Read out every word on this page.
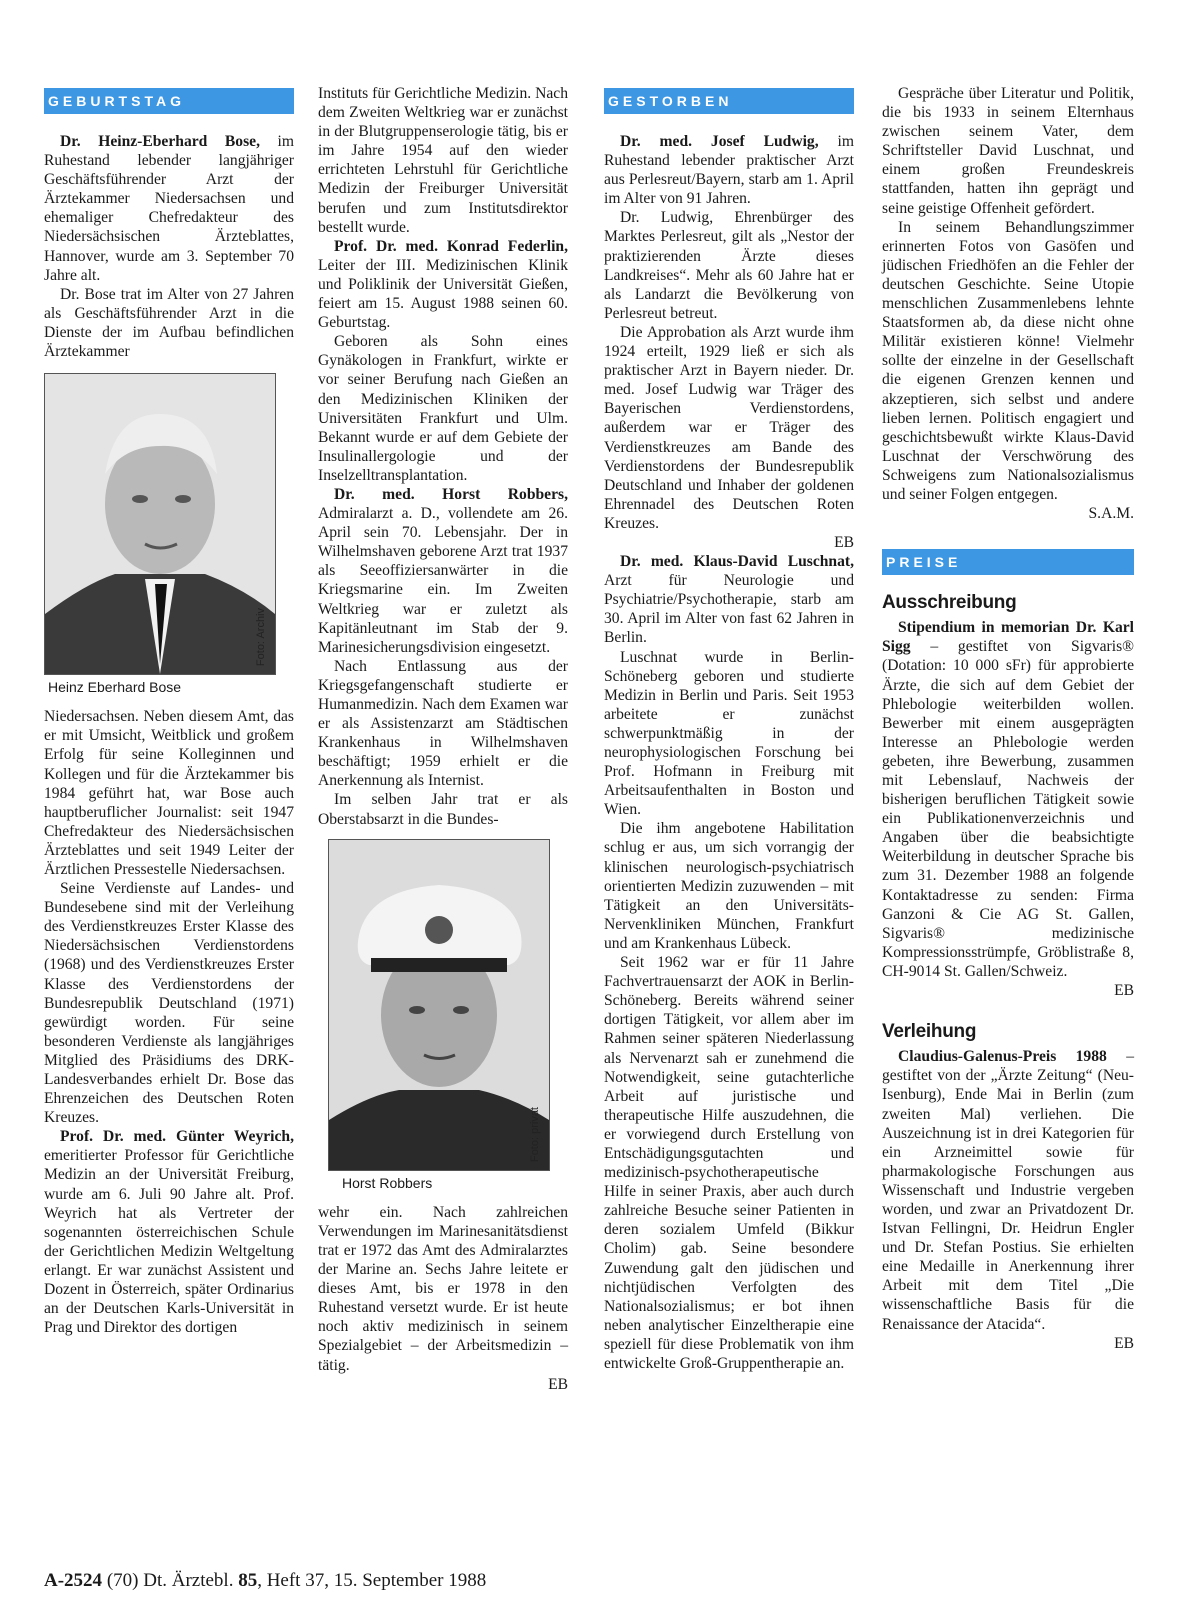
GEBURTSTAG

Dr. Heinz-Eberhard Bose, im Ruhestand lebender langjähriger Geschäftsführender Arzt der Ärztekammer Niedersachsen und ehemaliger Chefredakteur des Niedersächsischen Ärzteblattes, Hannover, wurde am 3. September 70 Jahre alt.

Dr. Bose trat im Alter von 27 Jahren als Geschäftsführender Arzt in die Dienste der im Aufbau befindlichen Ärztekammer

Foto: Archiv
Heinz Eberhard Bose

Niedersachsen. Neben diesem Amt, das er mit Umsicht, Weitblick und großem Erfolg für seine Kolleginnen und Kollegen und für die Ärztekammer bis 1984 geführt hat, war Bose auch hauptberuflicher Journalist: seit 1947 Chefredakteur des Niedersächsischen Ärzteblattes und seit 1949 Leiter der Ärztlichen Pressestelle Niedersachsen.

Seine Verdienste auf Landes- und Bundesebene sind mit der Verleihung des Verdienstkreuzes Erster Klasse des Niedersächsischen Verdienstordens (1968) und des Verdienstkreuzes Erster Klasse des Verdienstordens der Bundesrepublik Deutschland (1971) gewürdigt worden. Für seine besonderen Verdienste als langjähriges Mitglied des Präsidiums des DRK-Landesverbandes erhielt Dr. Bose das Ehrenzeichen des Deutschen Roten Kreuzes.

Prof. Dr. med. Günter Weyrich, emeritierter Professor für Gerichtliche Medizin an der Universität Freiburg, wurde am 6. Juli 90 Jahre alt. Prof. Weyrich hat als Vertreter der sogenannten österreichischen Schule der Gerichtlichen Medizin Weltgeltung erlangt. Er war zunächst Assistent und Dozent in Österreich, später Ordinarius an der Deutschen Karls-Universität in Prag und Direktor des dortigen

Instituts für Gerichtliche Medizin. Nach dem Zweiten Weltkrieg war er zunächst in der Blutgruppenserologie tätig, bis er im Jahre 1954 auf den wieder errichteten Lehrstuhl für Gerichtliche Medizin der Freiburger Universität berufen und zum Institutsdirektor bestellt wurde.

Prof. Dr. med. Konrad Federlin, Leiter der III. Medizinischen Klinik und Poliklinik der Universität Gießen, feiert am 15. August 1988 seinen 60. Geburtstag.

Geboren als Sohn eines Gynäkologen in Frankfurt, wirkte er vor seiner Berufung nach Gießen an den Medizinischen Kliniken der Universitäten Frankfurt und Ulm. Bekannt wurde er auf dem Gebiete der Insulinallergologie und der Inselzelltransplantation.

Dr. med. Horst Robbers, Admiralarzt a. D., vollendete am 26. April sein 70. Lebensjahr. Der in Wilhelmshaven geborene Arzt trat 1937 als Seeoffiziersanwärter in die Kriegsmarine ein. Im Zweiten Weltkrieg war er zuletzt als Kapitänleutnant im Stab der 9. Marinesicherungsdivision eingesetzt.

Nach Entlassung aus der Kriegsgefangenschaft studierte er Humanmedizin. Nach dem Examen war er als Assistenzarzt am Städtischen Krankenhaus in Wilhelmshaven beschäftigt; 1959 erhielt er die Anerkennung als Internist.

Im selben Jahr trat er als Oberstabsarzt in die Bundes-

Foto: privat
Horst Robbers

wehr ein. Nach zahlreichen Verwendungen im Marinesanitätsdienst trat er 1972 das Amt des Admiralarztes der Marine an. Sechs Jahre leitete er dieses Amt, bis er 1978 in den Ruhestand versetzt wurde. Er ist heute noch aktiv medizinisch in seinem Spezialgebiet – der Arbeitsmedizin – tätig.

EB
GESTORBEN

Dr. med. Josef Ludwig, im Ruhestand lebender praktischer Arzt aus Perlesreut/Bayern, starb am 1. April im Alter von 91 Jahren.

Dr. Ludwig, Ehrenbürger des Marktes Perlesreut, gilt als „Nestor der praktizierenden Ärzte dieses Landkreises“. Mehr als 60 Jahre hat er als Landarzt die Bevölkerung von Perlesreut betreut.

Die Approbation als Arzt wurde ihm 1924 erteilt, 1929 ließ er sich als praktischer Arzt in Bayern nieder. Dr. med. Josef Ludwig war Träger des Bayerischen Verdienstordens, außerdem war er Träger des Verdienstkreuzes am Bande des Verdienstordens der Bundesrepublik Deutschland und Inhaber der goldenen Ehrennadel des Deutschen Roten Kreuzes.

EB

Dr. med. Klaus-David Luschnat, Arzt für Neurologie und Psychiatrie/Psychotherapie, starb am 30. April im Alter von fast 62 Jahren in Berlin.

Luschnat wurde in Berlin-Schöneberg geboren und studierte Medizin in Berlin und Paris. Seit 1953 arbeitete er zunächst schwerpunktmäßig in der neurophysiologischen Forschung bei Prof. Hofmann in Freiburg mit Arbeitsaufenthalten in Boston und Wien.

Die ihm angebotene Habilitation schlug er aus, um sich vorrangig der klinischen neurologisch-psychiatrisch orientierten Medizin zuzuwenden – mit Tätigkeit an den Universitäts-Nervenkliniken München, Frankfurt und am Krankenhaus Lübeck.

Seit 1962 war er für 11 Jahre Fachvertrauensarzt der AOK in Berlin-Schöneberg. Bereits während seiner dortigen Tätigkeit, vor allem aber im Rahmen seiner späteren Niederlassung als Nervenarzt sah er zunehmend die Notwendigkeit, seine gutachterliche Arbeit auf juristische und therapeutische Hilfe auszudehnen, die er vorwiegend durch Erstellung von Entschädigungsgutachten und medizinisch-psychotherapeutische Hilfe in seiner Praxis, aber auch durch zahlreiche Besuche seiner Patienten in deren sozialem Umfeld (Bikkur Cholim) gab. Seine besondere Zuwendung galt den jüdischen und nichtjüdischen Verfolgten des Nationalsozialismus; er bot ihnen neben analytischer Einzeltherapie eine speziell für diese Problematik von ihm entwickelte Groß-Gruppentherapie an.

Gespräche über Literatur und Politik, die bis 1933 in seinem Elternhaus zwischen seinem Vater, dem Schriftsteller David Luschnat, und einem großen Freundeskreis stattfanden, hatten ihn geprägt und seine geistige Offenheit gefördert.

In seinem Behandlungszimmer erinnerten Fotos von Gasöfen und jüdischen Friedhöfen an die Fehler der deutschen Geschichte. Seine Utopie menschlichen Zusammenlebens lehnte Staatsformen ab, da diese nicht ohne Militär existieren könne! Vielmehr sollte der einzelne in der Gesellschaft die eigenen Grenzen kennen und akzeptieren, sich selbst und andere lieben lernen. Politisch engagiert und geschichtsbewußt wirkte Klaus-David Luschnat der Verschwörung des Schweigens zum Nationalsozialismus und seiner Folgen entgegen.

S.A.M.
PREISE
Ausschreibung

Stipendium in memorian Dr. Karl Sigg – gestiftet von Sigvaris® (Dotation: 10 000 sFr) für approbierte Ärzte, die sich auf dem Gebiet der Phlebologie weiterbilden wollen. Bewerber mit einem ausgeprägten Interesse an Phlebologie werden gebeten, ihre Bewerbung, zusammen mit Lebenslauf, Nachweis der bisherigen beruflichen Tätigkeit sowie ein Publikationenverzeichnis und Angaben über die beabsichtigte Weiterbildung in deutscher Sprache bis zum 31. Dezember 1988 an folgende Kontaktadresse zu senden: Firma Ganzoni & Cie AG St. Gallen, Sigvaris® medizinische Kompressionsstrümpfe, Gröblistraße 8, CH-9014 St. Gallen/Schweiz.

EB
Verleihung

Claudius-Galenus-Preis 1988 – gestiftet von der „Ärzte Zeitung“ (Neu-Isenburg), Ende Mai in Berlin (zum zweiten Mal) verliehen. Die Auszeichnung ist in drei Kategorien für ein Arzneimittel sowie für pharmakologische Forschungen aus Wissenschaft und Industrie vergeben worden, und zwar an Privatdozent Dr. Istvan Fellingni, Dr. Heidrun Engler und Dr. Stefan Postius. Sie erhielten eine Medaille in Anerkennung ihrer Arbeit mit dem Titel „Die wissenschaftliche Basis für die Renaissance der Atacida“.

EB
A-2524 (70) Dt. Ärztebl. 85, Heft 37, 15. September 1988
